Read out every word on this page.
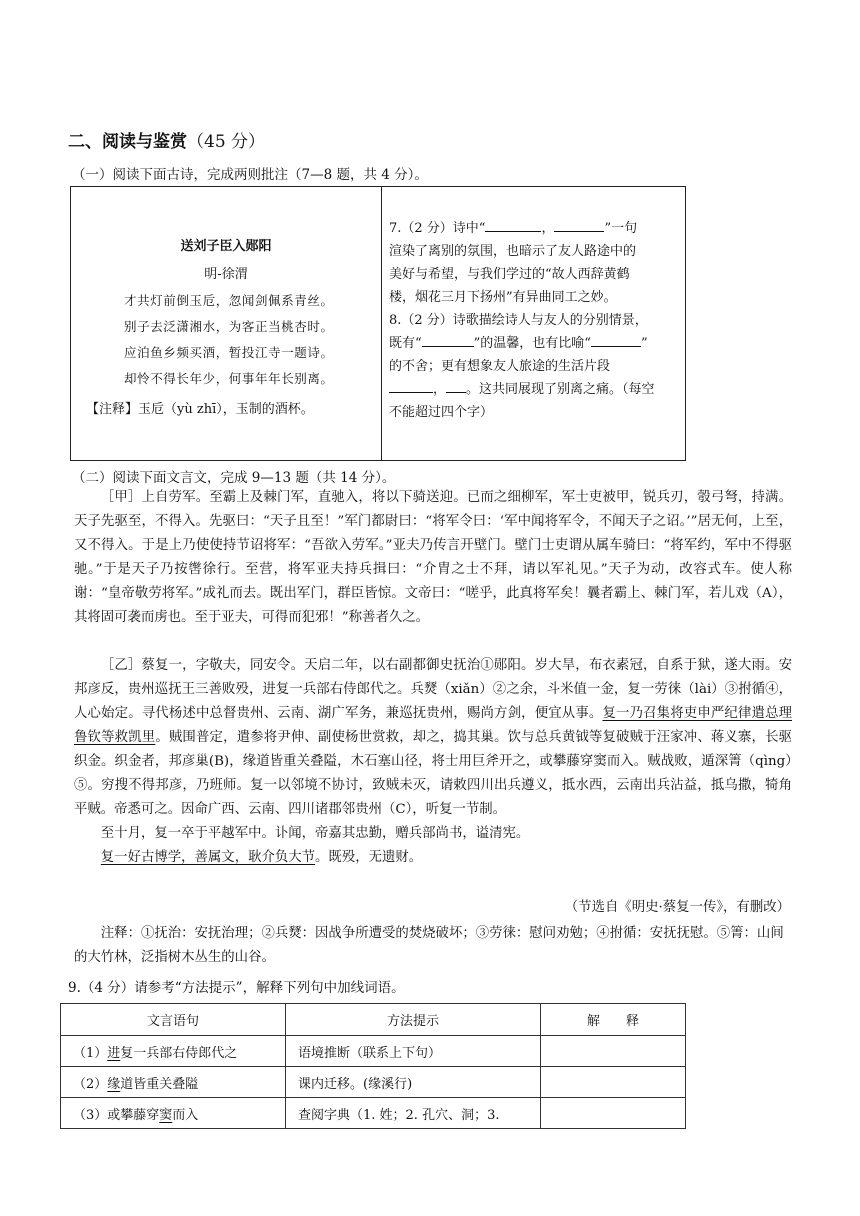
二、阅读与鉴赏（45 分）
（一）阅读下面古诗，完成两则批注（7—8 题，共 4 分）。
送刘子臣入郧阳
明-徐渭
才共灯前倒玉卮，忽闻剑佩系青丝。
别子去泛潇湘水，为客正当桃杏时。
应泊鱼乡频买酒，暂投江寺一题诗。
却怜不得长年少，何事年年长别离。
【注释】玉卮（yù zhī），玉制的酒杯。

7.（2 分）诗中“	，	”一句

渲染了离别的氛围，也暗示了友人路途中的

美好与希望，与我们学过的“故人西辞黄鹤

楼，烟花三月下扬州”有异曲同工之妙。

8.（2 分）诗歌描绘诗人与友人的分别情景，

既有“	”的温馨，也有比喻“	”

的不舍；更有想象友人旅途的生活片段

， 。这共同展现了别离之痛。（每空

不能超过四个字）

（二）阅读下面文言文，完成 9—13 题（共 14 分）。

［甲］上自劳军。至霸上及棘门军，直驰入，将以下骑送迎。已而之细柳军，军士吏被甲，锐兵刃，彀弓弩，持满。天子先驱至，不得入。先驱曰：“天子且至！”军门都尉曰：“将军令曰：‘军中闻将军令，不闻天子之诏。’”居无何，上至，又不得入。于是上乃使使持节诏将军：“吾欲入劳军。”亚夫乃传言开壁门。壁门士吏谓从属车骑曰：“将军约，军中不得驱驰。”于是天子乃按辔徐行。至营，将军亚夫持兵揖曰：“介胄之士不拜，请以军礼见。”天子为动，改容式车。使人称谢：“皇帝敬劳将军。”成礼而去。既出军门，群臣皆惊。文帝曰：“嗟乎，此真将军矣！曩者霸上、棘门军，若儿戏（A），其将固可袭而虏也。至于亚夫，可得而犯邪！”称善者久之。

［乙］蔡复一，字敬夫，同安令。天启二年，以右副都御史抚治①郧阳。岁大旱，布衣素冠，自系于狱，遂大雨。安邦彦反，贵州巡抚王三善败殁，进复一兵部右侍郎代之。兵燹（xiǎn）②之余，斗米值一金，复一劳徕（lài）③拊循④，人心始定。寻代杨述中总督贵州、云南、湖广军务，兼巡抚贵州，赐尚方剑，便宜从事。复一乃召集将吏申严纪律遣总理鲁钦等救凯里。贼围普定，遣参将尹伸、副使杨世赏救，却之，捣其巢。饮与总兵黄钺等复破贼于汪家冲、蒋义寨，长驱织金。织金者，邦彦巢(B)，缘道皆重关叠隘，木石塞山径，将士用巨斧开之，或攀藤穿窦而入。贼战败，遁深箐（qìng）⑤。穷搜不得邦彦，乃班师。复一以邻境不协讨，致贼未灭，请敕四川出兵遵义，抵水西，云南出兵沾益，抵乌撒，犄角平贼。帝悉可之。因命广西、云南、四川诸郡邻贵州（C），听复一节制。

至十月，复一卒于平越军中。讣闻，帝嘉其忠勤，赠兵部尚书，谥清宪。

复一好古博学，善属文，耿介负大节。既殁，无遗财。

（节选自《明史·蔡复一传》，有删改）

注释：①抚治：安抚治理；②兵燹：因战争所遭受的焚烧破坏；③劳徕：慰问劝勉；④拊循：安抚抚慰。⑤箐：山间的大竹林，泛指树木丛生的山谷。

9.（4 分）请参考“方法提示”，解释下列句中加线词语。
文言语句	方法提示	解　　释
（1）进复一兵部右侍郎代之	语境推断（联系上下句）	
（2）缘道皆重关叠隘	课内迁移。(缘溪行)	
（3）或攀藤穿窦而入	查阅字典（1. 姓；2. 孔穴、洞；3.	
